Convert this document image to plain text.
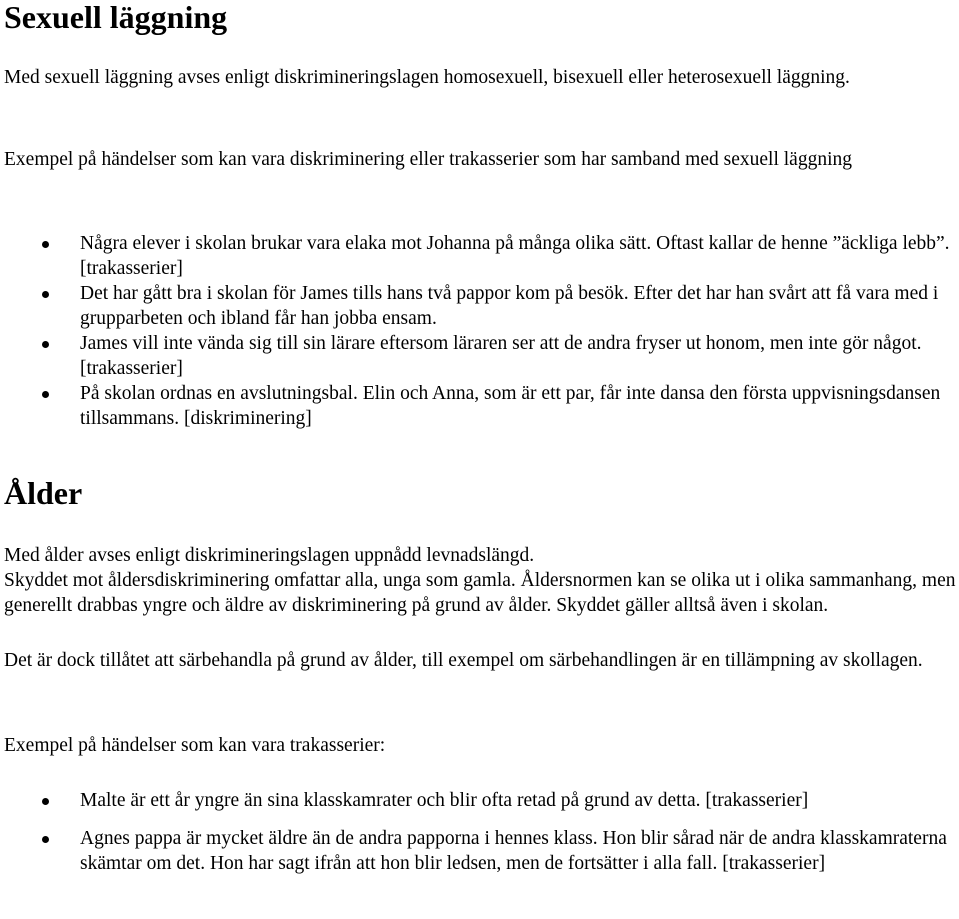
Sexuell läggning

Med sexuell läggning avses enligt diskrimineringslagen homosexuell, bisexuell eller heterosexuell läggning.

Exempel på händelser som kan vara diskriminering eller trakasserier som har samband med sexuell läggning

Några elever i skolan brukar vara elaka mot Johanna på många olika sätt. Oftast kallar de henne ”äckliga lebb”. [trakasserier]
Det har gått bra i skolan för James tills hans två pappor kom på besök. Efter det har han svårt att få vara med i grupparbeten och ibland får han jobba ensam.
James vill inte vända sig till sin lärare eftersom läraren ser att de andra fryser ut honom, men inte gör något. [trakasserier]
På skolan ordnas en avslutningsbal. Elin och Anna, som är ett par, får inte dansa den första uppvisningsdansen tillsammans. [diskriminering]
Ålder

Med ålder avses enligt diskrimineringslagen uppnådd levnadslängd.

Skyddet mot åldersdiskriminering omfattar alla, unga som gamla. Åldersnormen kan se olika ut i olika sammanhang, men generellt drabbas yngre och äldre av diskriminering på grund av ålder. Skyddet gäller alltså även i skolan.

Det är dock tillåtet att särbehandla på grund av ålder, till exempel om särbehandlingen är en tillämpning av skollagen.

Exempel på händelser som kan vara trakasserier:

Malte är ett år yngre än sina klasskamrater och blir ofta retad på grund av detta. [trakasserier]
Agnes pappa är mycket äldre än de andra papporna i hennes klass. Hon blir sårad när de andra klasskamraterna skämtar om det. Hon har sagt ifrån att hon blir ledsen, men de fortsätter i alla fall. [trakasserier]
